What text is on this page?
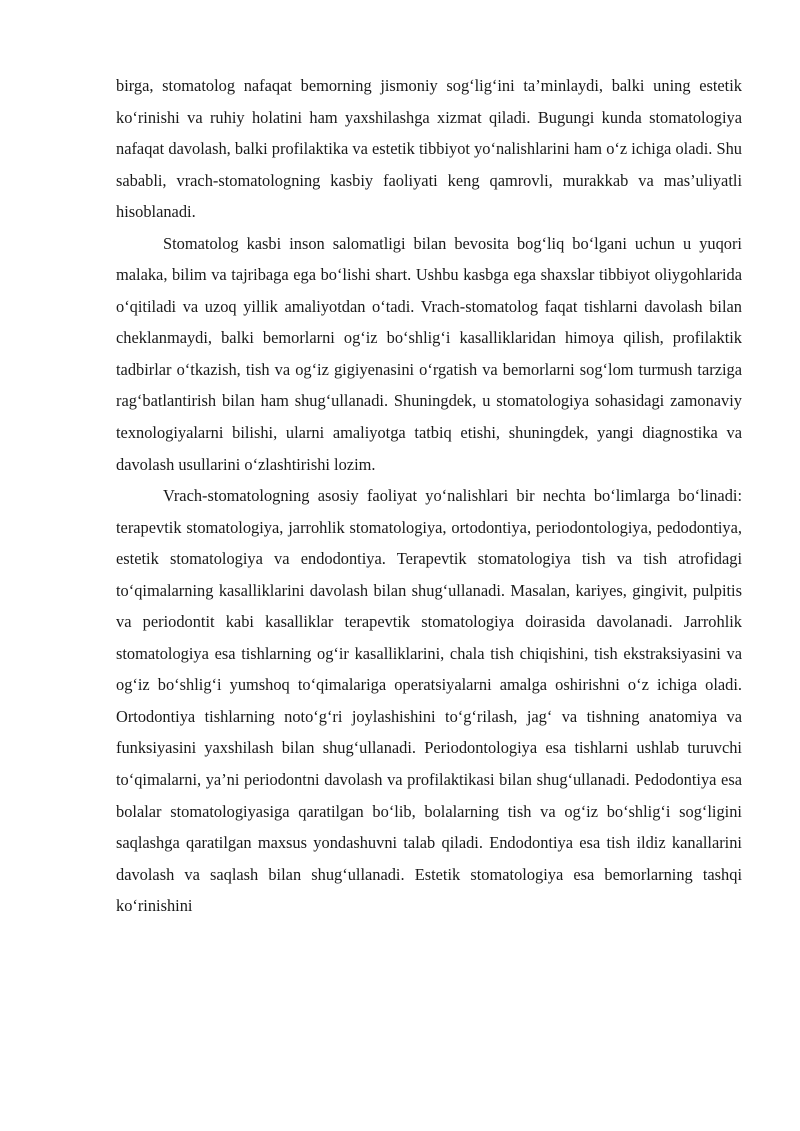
birga, stomatolog nafaqat bemorning jismoniy sog‘lig‘ini ta’minlaydi, balki uning estetik ko‘rinishi va ruhiy holatini ham yaxshilashga xizmat qiladi. Bugungi kunda stomatologiya nafaqat davolash, balki profilaktika va estetik tibbiyot yo‘nalishlarini ham o‘z ichiga oladi. Shu sababli, vrach-stomatologning kasbiy faoliyati keng qamrovli, murakkab va mas’uliyatli hisoblanadi.

Stomatolog kasbi inson salomatligi bilan bevosita bog‘liq bo‘lgani uchun u yuqori malaka, bilim va tajribaga ega bo‘lishi shart. Ushbu kasbga ega shaxslar tibbiyot oliygohlarida o‘qitiladi va uzoq yillik amaliyotdan o‘tadi. Vrach-stomatolog faqat tishlarni davolash bilan cheklanmaydi, balki bemorlarni og‘iz bo‘shlig‘i kasalliklaridan himoya qilish, profilaktik tadbirlar o‘tkazish, tish va og‘iz gigiyenasini o‘rgatish va bemorlarni sog‘lom turmush tarziga rag‘batlantirish bilan ham shug‘ullanadi. Shuningdek, u stomatologiya sohasidagi zamonaviy texnologiyalarni bilishi, ularni amaliyotga tatbiq etishi, shuningdek, yangi diagnostika va davolash usullarini o‘zlashtirishi lozim.

Vrach-stomatologning asosiy faoliyat yo‘nalishlari bir nechta bo‘limlarga bo‘linadi: terapevtik stomatologiya, jarrohlik stomatologiya, ortodontiya, periodontologiya, pedodontiya, estetik stomatologiya va endodontiya. Terapevtik stomatologiya tish va tish atrofidagi to‘qimalarning kasalliklarini davolash bilan shug‘ullanadi. Masalan, kariyes, gingivit, pulpitis va periodontit kabi kasalliklar terapevtik stomatologiya doirasida davolanadi. Jarrohlik stomatologiya esa tishlarning og‘ir kasalliklarini, chala tish chiqishini, tish ekstraksiyasini va og‘iz bo‘shlig‘i yumshoq to‘qimalariga operatsiyalarni amalga oshirishni o‘z ichiga oladi. Ortodontiya tishlarning noto‘g‘ri joylashishini to‘g‘rilash, jag‘ va tishning anatomiya va funksiyasini yaxshilash bilan shug‘ullanadi. Periodontologiya esa tishlarni ushlab turuvchi to‘qimalarni, ya’ni periodontni davolash va profilaktikasi bilan shug‘ullanadi. Pedodontiya esa bolalar stomatologiyasiga qaratilgan bo‘lib, bolalarning tish va og‘iz bo‘shlig‘i sog‘ligini saqlashga qaratilgan maxsus yondashuvni talab qiladi. Endodontiya esa tish ildiz kanallarini davolash va saqlash bilan shug‘ullanadi. Estetik stomatologiya esa bemorlarning tashqi ko‘rinishini
